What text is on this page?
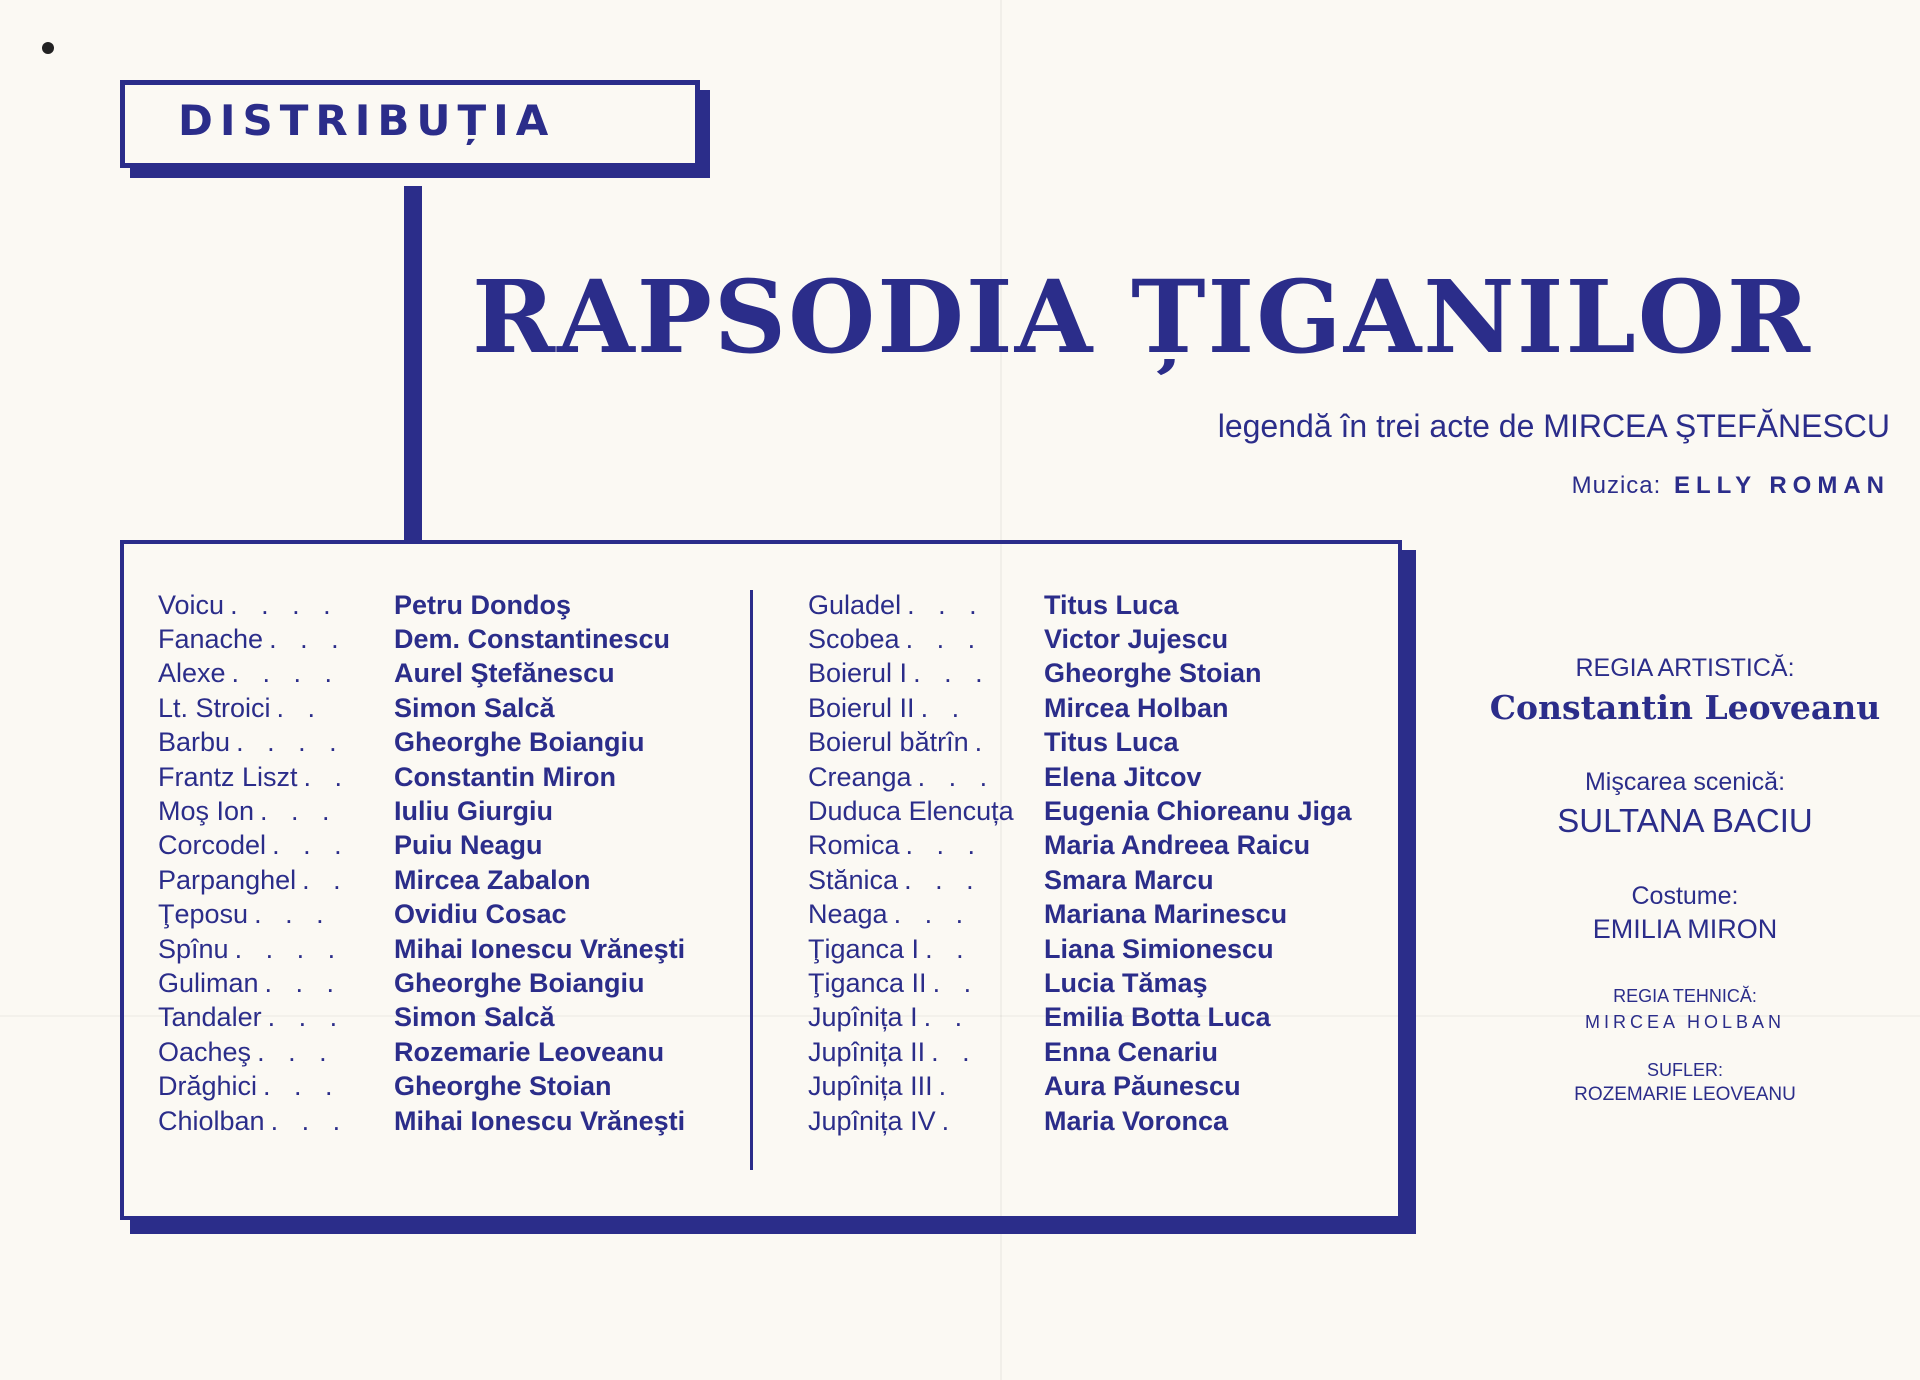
DISTRIBUȚIA
RAPSODIA ȚIGANILOR
legendă în trei acte de MIRCEA ŞTEFĂNESCU
Muzica: ELLY ROMAN
Voicu . . . .	Petru Dondoş
Fanache . . .	Dem. Constantinescu
Alexe . . . .	Aurel Ştefănescu
Lt. Stroici . .	Simon Salcă
Barbu . . . .	Gheorghe Boiangiu
Frantz Liszt . .	Constantin Miron
Moş Ion . . .	Iuliu Giurgiu
Corcodel . . .	Puiu Neagu
Parpanghel . .	Mircea Zabalon
Ţeposu . . .	Ovidiu Cosac
Spînu . . . .	Mihai Ionescu Vrăneşti
Guliman . . .	Gheorghe Boiangiu
Tandaler . . .	Simon Salcă
Oacheş . . .	Rozemarie Leoveanu
Drăghici . . .	Gheorghe Stoian
Chiolban . . .	Mihai Ionescu Vrăneşti
Guladel . . .	Titus Luca
Scobea . . .	Victor Jujescu
Boierul I . . .	Gheorghe Stoian
Boierul II . .	Mircea Holban
Boierul bătrîn .	Titus Luca
Creanga . . .	Elena Jitcov
Duduca Elencuța	Eugenia Chioreanu Jiga
Romica . . .	Maria Andreea Raicu
Stănica . . .	Smara Marcu
Neaga . . .	Mariana Marinescu
Ţiganca I . .	Liana Simionescu
Ţiganca II . .	Lucia Tămaş
Jupînița I . .	Emilia Botta Luca
Jupînița II . .	Enna Cenariu
Jupînița III .	Aura Păunescu
Jupînița IV .	Maria Voronca
REGIA ARTISTICĂ:
Constantin Leoveanu
Mişcarea scenică:
SULTANA BACIU
Costume:
EMILIA MIRON
REGIA TEHNICĂ:
MIRCEA HOLBAN
SUFLER:
ROZEMARIE LEOVEANU
